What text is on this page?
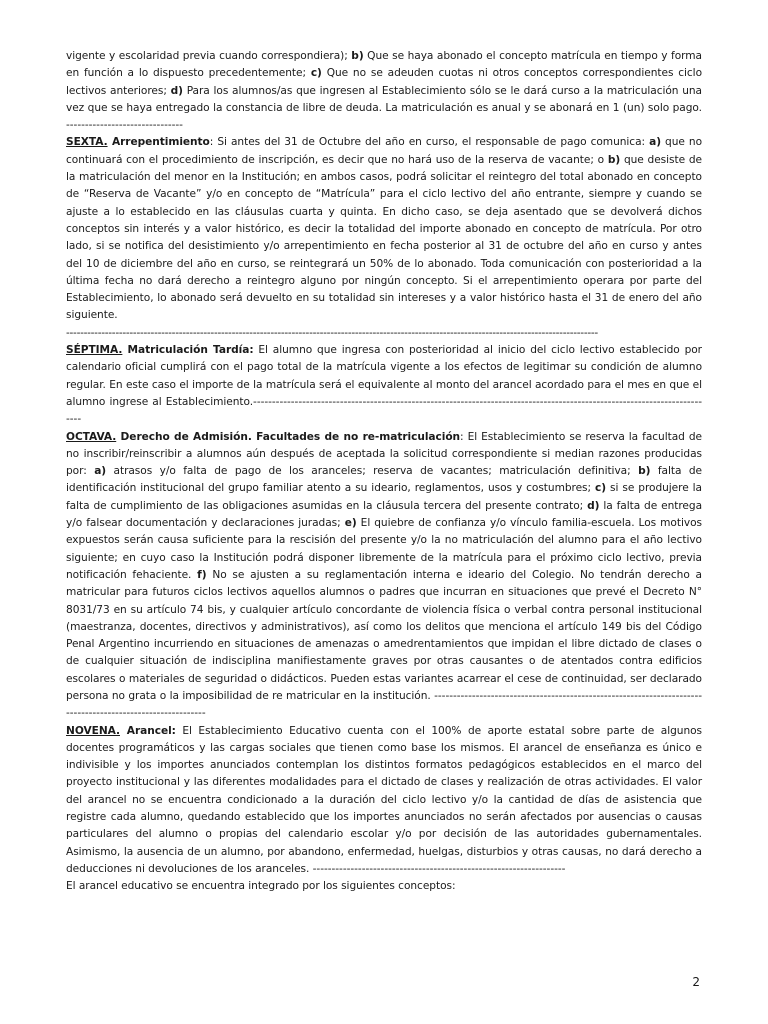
vigente y escolaridad previa cuando correspondiera); b) Que se haya abonado el concepto matrícula en tiempo y forma en función a lo dispuesto precedentemente; c) Que no se adeuden cuotas ni otros conceptos correspondientes ciclo lectivos anteriores; d) Para los alumnos/as que ingresen al Establecimiento sólo se le dará curso a la matriculación una vez que se haya entregado la constancia de libre de deuda. La matriculación es anual y se abonará en 1 (un) solo pago. -------------------------------

SEXTA. Arrepentimiento: Si antes del 31 de Octubre del año en curso, el responsable de pago comunica: a) que no continuará con el procedimiento de inscripción, es decir que no hará uso de la reserva de vacante; o b) que desiste de la matriculación del menor en la Institución; en ambos casos, podrá solicitar el reintegro del total abonado en concepto de “Reserva de Vacante” y/o en concepto de “Matrícula” para el ciclo lectivo del año entrante, siempre y cuando se ajuste a lo establecido en las cláusulas cuarta y quinta. En dicho caso, se deja asentado que se devolverá dichos conceptos sin interés y a valor histórico, es decir la totalidad del importe abonado en concepto de matrícula. Por otro lado, si se notifica del desistimiento y/o arrepentimiento en fecha posterior al 31 de octubre del año en curso y antes del 10 de diciembre del año en curso, se reintegrará un 50% de lo abonado. Toda comunicación con posterioridad a la última fecha no dará derecho a reintegro alguno por ningún concepto. Si el arrepentimiento operara por parte del Establecimiento, lo abonado será devuelto en su totalidad sin intereses y a valor histórico hasta el 31 de enero del año siguiente.

-------------------------------------------------------------------------------------------------------------------------------------------------------

SÉPTIMA. Matriculación Tardía: El alumno que ingresa con posterioridad al inicio del ciclo lectivo establecido por calendario oficial cumplirá con el pago total de la matrícula vigente a los efectos de legitimar su condición de alumno regular. En este caso el importe de la matrícula será el equivalente al monto del arancel acordado para el mes en que el alumno ingrese al Establecimiento.---------------------------------------------------------------------------------------------------------------------------

OCTAVA. Derecho de Admisión. Facultades de no re-matriculación: El Establecimiento se reserva la facultad de no inscribir/reinscribir a alumnos aún después de aceptada la solicitud correspondiente si median razones producidas por: a) atrasos y/o falta de pago de los aranceles; reserva de vacantes; matriculación definitiva; b) falta de identificación institucional del grupo familiar atento a su ideario, reglamentos, usos y costumbres; c) si se produjere la falta de cumplimiento de las obligaciones asumidas en la cláusula tercera del presente contrato; d) la falta de entrega y/o falsear documentación y declaraciones juradas; e) El quiebre de confianza y/o vínculo familia-escuela. Los motivos expuestos serán causa suficiente para la rescisión del presente y/o la no matriculación del alumno para el año lectivo siguiente; en cuyo caso la Institución podrá disponer libremente de la matrícula para el próximo ciclo lectivo, previa notificación fehaciente. f) No se ajusten a su reglamentación interna e ideario del Colegio. No tendrán derecho a matricular para futuros ciclos lectivos aquellos alumnos o padres que incurran en situaciones que prevé el Decreto N° 8031/73 en su artículo 74 bis, y cualquier artículo concordante de violencia física o verbal contra personal institucional (maestranza, docentes, directivos y administrativos), así como los delitos que menciona el artículo 149 bis del Código Penal Argentino incurriendo en situaciones de amenazas o amedrentamientos que impidan el libre dictado de clases o de cualquier situación de indisciplina manifiestamente graves por otras causantes o de atentados contra edificios escolares o materiales de seguridad o didácticos. Pueden estas variantes acarrear el cese de continuidad, ser declarado persona no grata o la imposibilidad de re matricular en la institución. ------------------------------------------------------------------------------------------------------------

NOVENA. Arancel: El Establecimiento Educativo cuenta con el 100% de aporte estatal sobre parte de algunos docentes programáticos y las cargas sociales que tienen como base los mismos. El arancel de enseñanza es único e indivisible y los importes anunciados contemplan los distintos formatos pedagógicos establecidos en el marco del proyecto institucional y las diferentes modalidades para el dictado de clases y realización de otras actividades. El valor del arancel no se encuentra condicionado a la duración del ciclo lectivo y/o la cantidad de días de asistencia que registre cada alumno, quedando establecido que los importes anunciados no serán afectados por ausencias o causas particulares del alumno o propias del calendario escolar y/o por decisión de las autoridades gubernamentales. Asimismo, la ausencia de un alumno, por abandono, enfermedad, huelgas, disturbios y otras causas, no dará derecho a deducciones ni devoluciones de los aranceles. -------------------------------------------------------------------

El arancel educativo se encuentra integrado por los siguientes conceptos:

2
